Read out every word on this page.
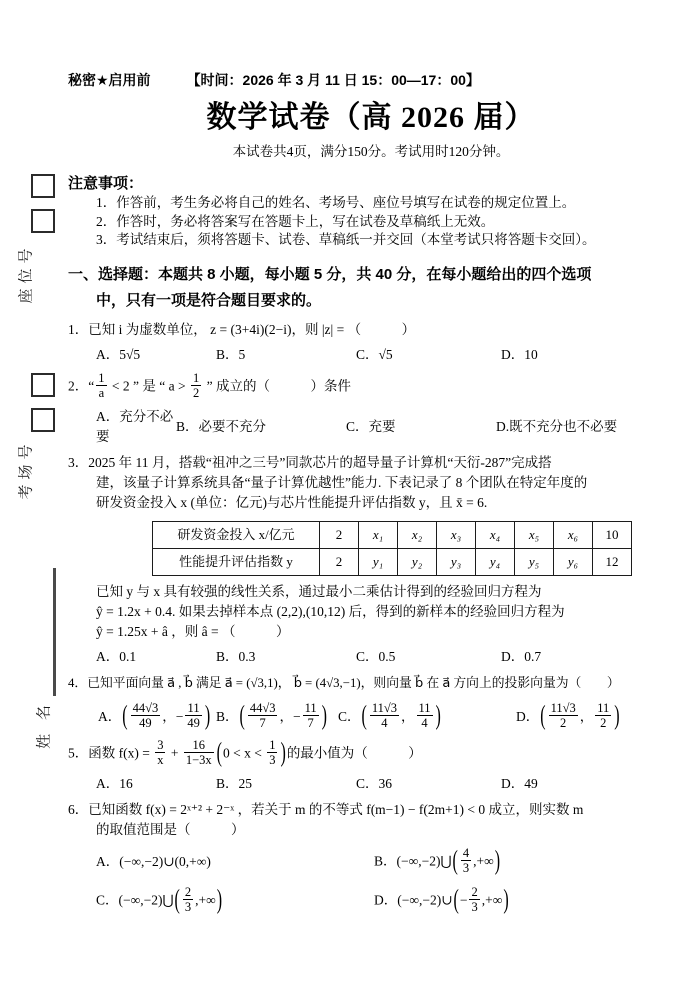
座位号
考场号
姓 名
秘密★启用前	【时间：2026 年 3 月 11 日 15：00—17：00】
数学试卷（高 2026 届）
本试卷共4页，满分150分。考试用时120分钟。
注意事项：
1．作答前，考生务必将自己的姓名、考场号、座位号填写在试卷的规定位置上。
2．作答时，务必将答案写在答题卡上，写在试卷及草稿纸上无效。
3．考试结束后，须将答题卡、试卷、草稿纸一并交回（本堂考试只将答题卡交回）。
一、选择题：本题共 8 小题，每小题 5 分，共 40 分，在每小题给出的四个选项
中，只有一项是符合题目要求的。
1．已知 i 为虚数单位， z = (3+4i)(2−i)，则 |z| = （　　　）
A．5√5	B．5	C．√5	D．10
2．“ $\frac{1}{a} < 2$ ” 是 “ $a > \frac{1}{2}$ ” 成立的（　　　）条件
A．充分不必要
B．必要不充分	C．充要	D.既不充分也不必要
3．2025 年 11 月，搭载“祖冲之三号”同款芯片的超导量子计算机“天衍-287”完成搭
建，该量子计算系统具备“量子计算优越性”能力. 下表记录了 8 个团队在特定年度的
研发资金投入 x (单位：亿元)与芯片性能提升评估指数 y，且 x̄ = 6.
研发资金投入 x/亿元	2	x₁	x₂	x₃	x₄	x₅	x₆	10
性能提升评估指数 y	2	y₁	y₂	y₃	y₄	y₅	y₆	12
已知 y 与 x 具有较强的线性关系，通过最小二乘估计得到的经验回归方程为
ŷ = 1.2x + 0.4. 如果去掉样本点 (2,2),(10,12) 后，得到的新样本的经验回归方程为
ŷ = 1.25x + â ，则 â = （　　　）
A．0.1	B．0.3	C．0.5	D．0.7
4．已知平面向量 a⃗ , b⃗ 满足 a⃗ = (√3,1)， b⃗ = (4√3,−1)，则向量 b⃗ 在 a⃗ 方向上的投影向量为（　　）
A． ( $\frac{44√3}{49}$ ，− $\frac{11}{49}$ ) B． ( $\frac{44√3}{7}$ ，− $\frac{11}{7}$ ) C． ( $\frac{11√3}{4}$ ， $\frac{11}{4}$ )	D． ( $\frac{11√3}{2}$ ， $\frac{11}{2}$ )
5．函数 $f(x) = \frac{3}{x} + \frac{16}{1-3x} (0 < x < \frac{1}{3}$ )的最小值为（　　　）
A．16	B．25	C．36	D．49
6．已知函数 f(x) = 2ˣ⁺² + 2⁻ˣ ，若关于 m 的不等式 f(m−1) − f(2m+1) < 0 成立，则实数 m
的取值范围是（　　　）
A．(−∞,−2)∪(0,+∞)	B．(−∞,−2)⋃( $\frac{4}{3}$ ,+∞)
C．(−∞,−2)⋃( $\frac{2}{3}$ ,+∞)	D．(−∞,−2)∪(− $\frac{2}{3}$ ,+∞)
